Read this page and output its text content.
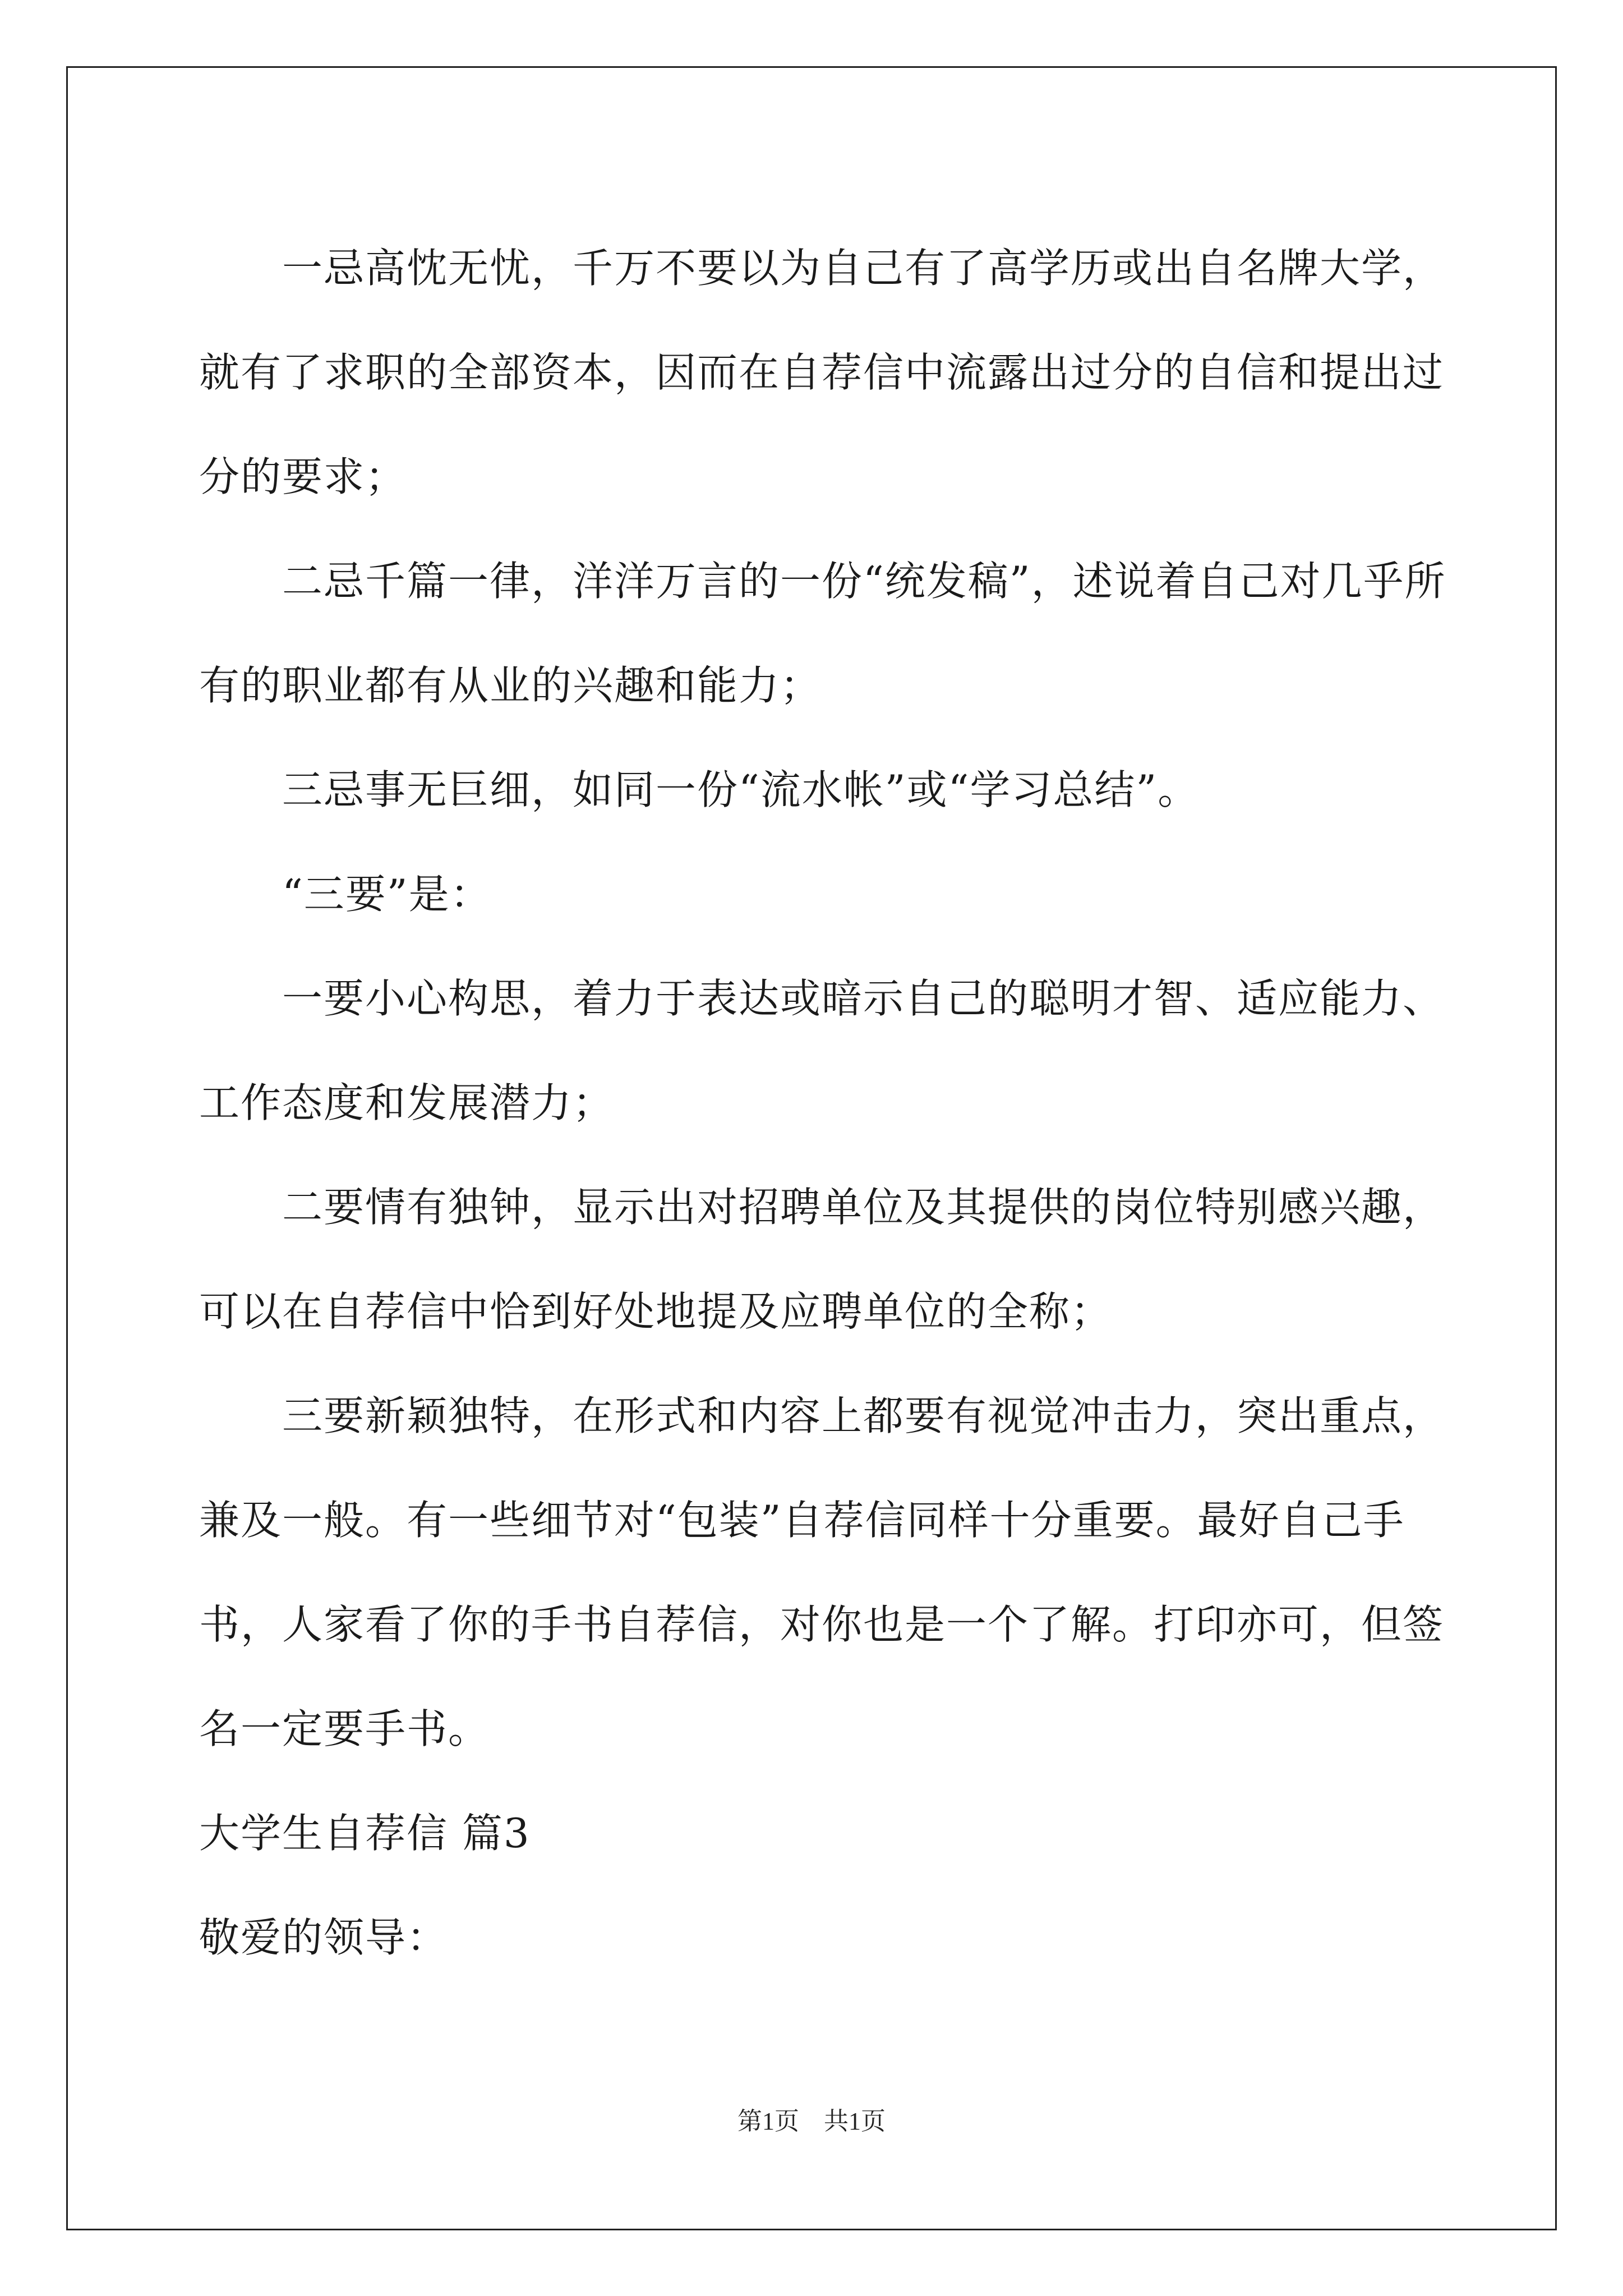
一忌高忱无忧，千万不要以为自己有了高学历或出自名牌大学，

就有了求职的全部资本，因而在自荐信中流露出过分的自信和提出过

分的要求；

二忌千篇一律，洋洋万言的一份“统发稿”，述说着自己对几乎所

有的职业都有从业的兴趣和能力；

三忌事无巨细，如同一份“流水帐”或“学习总结”。

“三要”是：

一要小心构思，着力于表达或暗示自己的聪明才智、适应能力、

工作态度和发展潜力；

二要情有独钟，显示出对招聘单位及其提供的岗位特别感兴趣，

可以在自荐信中恰到好处地提及应聘单位的全称；

三要新颖独特，在形式和内容上都要有视觉冲击力，突出重点，

兼及一般。有一些细节对“包装”自荐信同样十分重要。最好自己手

书，人家看了你的手书自荐信，对你也是一个了解。打印亦可，但签

名一定要手书。

大学生自荐信 篇3

敬爱的领导：

第1页　共1页
